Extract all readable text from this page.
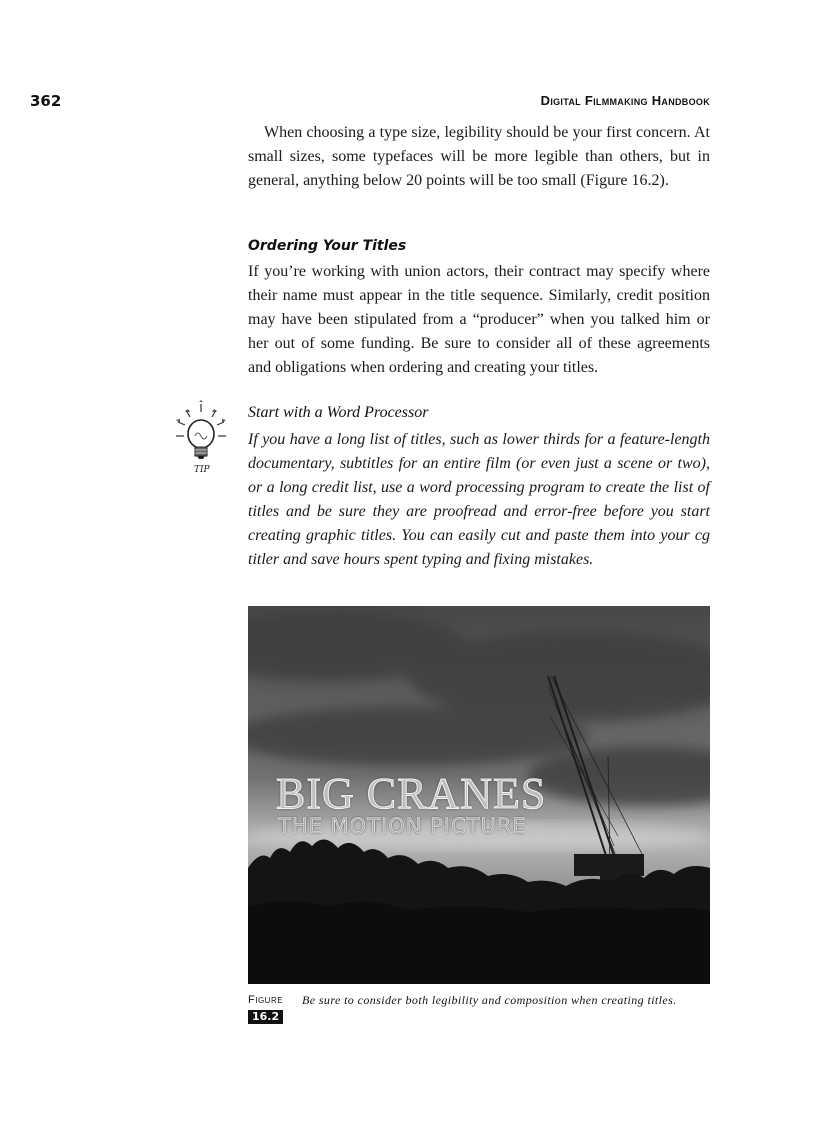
362	Digital Filmmaking Handbook

When choosing a type size, legibility should be your first concern. At small sizes, some typefaces will be more legible than others, but in general, anything below 20 points will be too small (Figure 16.2).

Ordering Your Titles

If you’re working with union actors, their contract may specify where their name must appear in the title sequence. Similarly, credit position may have been stipulated from a “producer” when you talked him or her out of some funding. Be sure to consider all of these agreements and obligations when ordering and creating your titles.

TIP
Start with a Word Processor

If you have a long list of titles, such as lower thirds for a feature-length documentary, subtitles for an entire film (or even just a scene or two), or a long credit list, use a word processing program to create the list of titles and be sure they are proofread and error-free before you start creating graphic titles. You can easily cut and paste them into your cg titler and save hours spent typing and fixing mistakes.

BIG CRANES
THE MOTION PICTURE
Figure
16.2
Be sure to consider both legibility and composition when creating titles.
